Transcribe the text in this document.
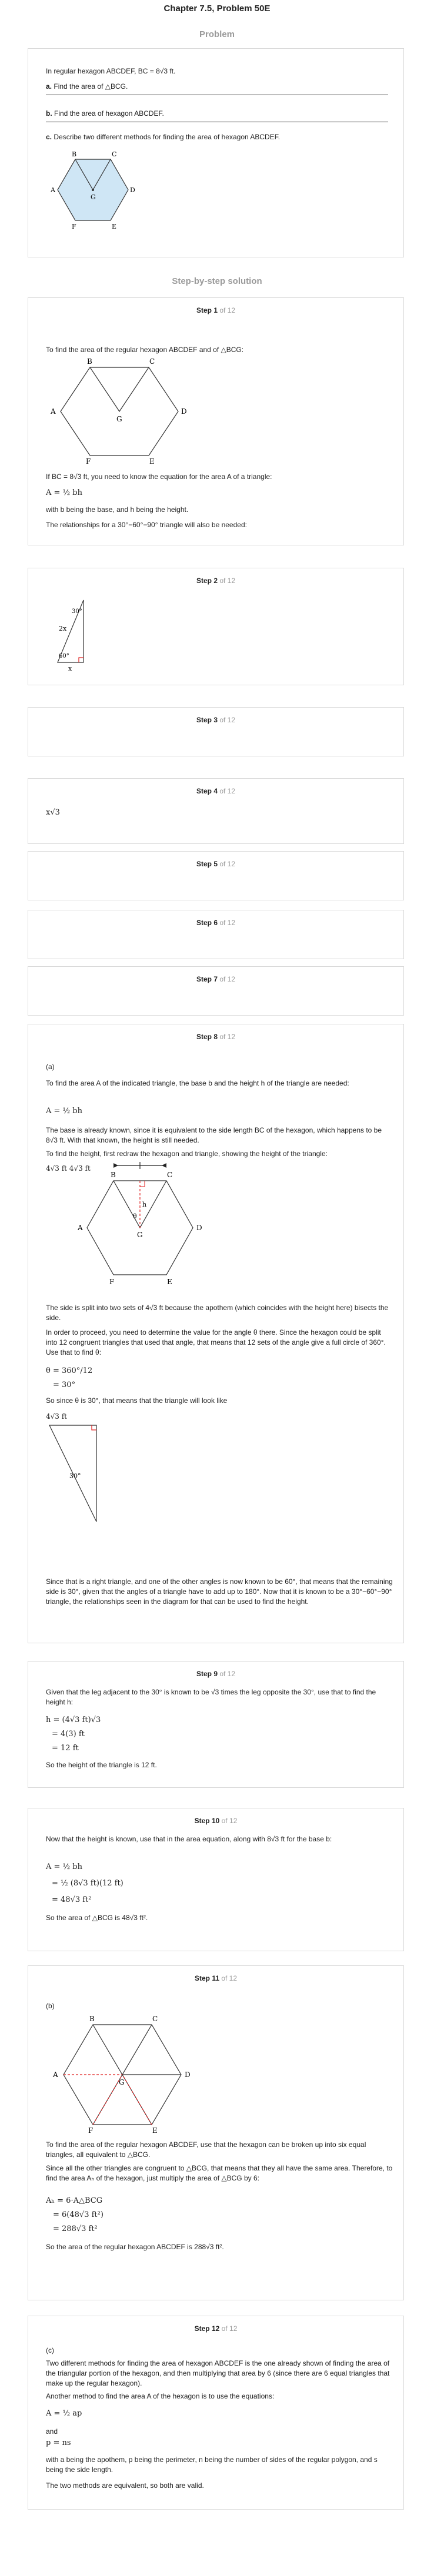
Chapter 7.5, Problem 50E
Problem
In regular hexagon ABCDEF, BC = 8√3 ft.
a. Find the area of △BCG.
b. Find the area of hexagon ABCDEF.
c. Describe two different methods for finding the area of hexagon ABCDEF.
B	C
D
E
F
A
G
Step-by-step solution
Step 1 of 12
To find the area of the regular hexagon ABCDEF and of △BCG:
B	C
D
E
F
A
G
If BC = 8√3 ft, you need to know the equation for the area A of a triangle:
A = ½ bh
with b being the base, and h being the height.
The relationships for a 30°−60°−90° triangle will also be needed:
Step 2 of 12
2x
30°
60°
x
Step 3 of 12
Step 4 of 12
x√3
Step 5 of 12
Step 6 of 12
Step 7 of 12
Step 8 of 12
(a)
To find the area A of the indicated triangle, the base b and the height h of the triangle are needed:
A = ½ bh
The base is already known, since it is equivalent to the side length BC of the hexagon, which happens to be 8√3 ft. With that known, the height is still needed.
To find the height, first redraw the hexagon and triangle, showing the height of the triangle:
4√3 ft 4√3 ft
B	C
D
E
F
A
G
h
θ
The side is split into two sets of 4√3 ft because the apothem (which coincides with the height here) bisects the side.
In order to proceed, you need to determine the value for the angle θ there. Since the hexagon could be split into 12 congruent triangles that used that angle, that means that 12 sets of the angle give a full circle of 360°. Use that to find θ:
θ = 360°/12
= 30°
So since θ is 30°, that means that the triangle will look like
4√3 ft
30°
Since that is a right triangle, and one of the other angles is now known to be 60°, that means that the remaining side is 30°, given that the angles of a triangle have to add up to 180°. Now that it is known to be a 30°−60°−90° triangle, the relationships seen in the diagram for that can be used to find the height.
Step 9 of 12
Given that the leg adjacent to the 30° is known to be √3 times the leg opposite the 30°, use that to find the height h:
h = (4√3 ft)√3
= 4(3) ft
= 12 ft
So the height of the triangle is 12 ft.
Step 10 of 12
Now that the height is known, use that in the area equation, along with 8√3 ft for the base b:
A = ½ bh
= ½ (8√3 ft)(12 ft)
= 48√3 ft²
So the area of △BCG is 48√3 ft².
Step 11 of 12
(b)
B	C
D
E
F
A
G
To find the area of the regular hexagon ABCDEF, use that the hexagon can be broken up into six equal triangles, all equivalent to △BCG.
Since all the other triangles are congruent to △BCG, that means that they all have the same area. Therefore, to find the area Aₕ of the hexagon, just multiply the area of △BCG by 6:
Aₕ = 6·A△BCG
= 6(48√3 ft²)
= 288√3 ft²
So the area of the regular hexagon ABCDEF is 288√3 ft².
Step 12 of 12
(c)
Two different methods for finding the area of hexagon ABCDEF is the one already shown of finding the area of the triangular portion of the hexagon, and then multiplying that area by 6 (since there are 6 equal triangles that make up the regular hexagon).
Another method to find the area A of the hexagon is to use the equations:
A = ½ ap
and
p = ns
with a being the apothem, p being the perimeter, n being the number of sides of the regular polygon, and s being the side length.
The two methods are equivalent, so both are valid.
